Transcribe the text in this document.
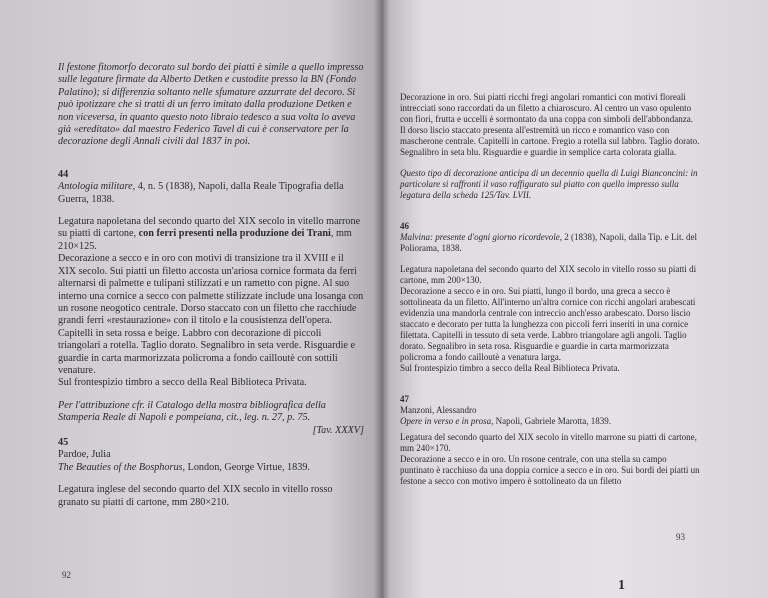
Il festone fitomorfo decorato sul bordo dei piatti è simile a quello impresso sulle legature firmate da Alberto Detken e custodite presso la BN (Fondo Palatino); si differenzia soltanto nelle sfumature azzurrate del decoro. Si può ipotizzare che si tratti di un ferro imitato dalla produzione Detken e non viceversa, in quanto questo noto libraio tedesco a sua volta lo aveva già «ereditato» dal maestro Federico Tavel di cui è conservatore per la decorazione degli Annali civili dal 1837 in poi.

44

Antologia militare, 4, n. 5 (1838), Napoli, dalla Reale Tipografia della Guerra, 1838.

Legatura napoletana del secondo quarto del XIX secolo in vitello marrone su piatti di cartone, con ferri presenti nella produzione dei Trani, mm 210×125.

Decorazione a secco e in oro con motivi di transizione tra il XVIII e il XIX secolo. Sui piatti un filetto accosta un'ariosa cornice formata da ferri alternarsi di palmette e tulipani stilizzati e un rametto con pigne. Al suo interno una cornice a secco con palmette stilizzate include una losanga con un rosone neogotico centrale. Dorso staccato con un filetto che racchiude grandi ferri «restaurazione» con il titolo e la cousistenza dell'opera. Capitelli in seta rossa e beige. Labbro con decorazione di piccoli triangolari a rotella. Taglio dorato. Segnalibro in seta verde. Risguardie e guardie in carta marmorizzata policroma a fondo cailloutè con sottili venature.

Sul frontespizio timbro a secco della Real Biblioteca Privata.

Per l'attribuzione cfr. il Catalogo della mostra bibliografica della Stamperia Reale di Napoli e pompeiana, cit., leg. n. 27, p. 75.

[Tav. XXXV]

45

Pardoe, Julia

The Beauties of the Bosphorus, London, George Virtue, 1839.

Legatura inglese del secondo quarto del XIX secolo in vitello rosso granato su piatti di cartone, mm 280×210.

92

Decorazione in oro. Sui piatti ricchi fregi angolari romantici con motivi floreali intrecciati sono raccordati da un filetto a chiaroscuro. Al centro un vaso opulento con fiori, frutta e uccelli è sormontato da una coppa con simboli dell'abbondanza. Il dorso liscio staccato presenta all'estremità un ricco e romantico vaso con mascherone centrale. Capitelli in cartone. Fregio a rotella sul labbro. Taglio dorato. Segnalibro in seta blu. Risguardie e guardie in semplice carta colorata gialla.

Questo tipo di decorazione anticipa di un decennio quella di Luigi Bianconcini: in particolare si raffronti il vaso raffigurato sul piatto con quello impresso sulla legatura della scheda 125/Tav. LVII.

46

Malvina: presente d'ogni giorno ricordevole, 2 (1838), Napoli, dalla Tip. e Lit. del Poliorama, 1838.

Legatura napoletana del secondo quarto del XIX secolo in vitello rosso su piatti di cartone, mm 200×130.

Decorazione a secco e in oro. Sui piatti, lungo il bordo, una greca a secco è sottolineata da un filetto. All'interno un'altra cornice con ricchi angolari arabescati evidenzia una mandorla centrale con intreccio anch'esso arabescato. Dorso liscio staccato e decorato per tutta la lunghezza con piccoli ferri inseriti in una cornice filettata. Capitelli in tessuto di seta verde. Labbro triangolare agli angoli. Taglio dorato. Segnalibro in seta rosa. Risguardie e guardie in carta marmorizzata policroma a fondo cailloutè a venatura larga.

Sul frontespizio timbro a secco della Real Biblioteca Privata.

47

Manzoni, Alessandro

Opere in verso e in prosa, Napoli, Gabriele Marotta, 1839.

Legatura del secondo quarto del XIX secolo in vitello marrone su piatti di cartone, mm 240×170.

Decorazione a secco e in oro. Un rosone centrale, con una stella su campo puntinato è racchiuso da una doppia cornice a secco e in oro. Sui bordi dei piatti un festone a secco con motivo impero è sottolineato da un filetto

93
1
